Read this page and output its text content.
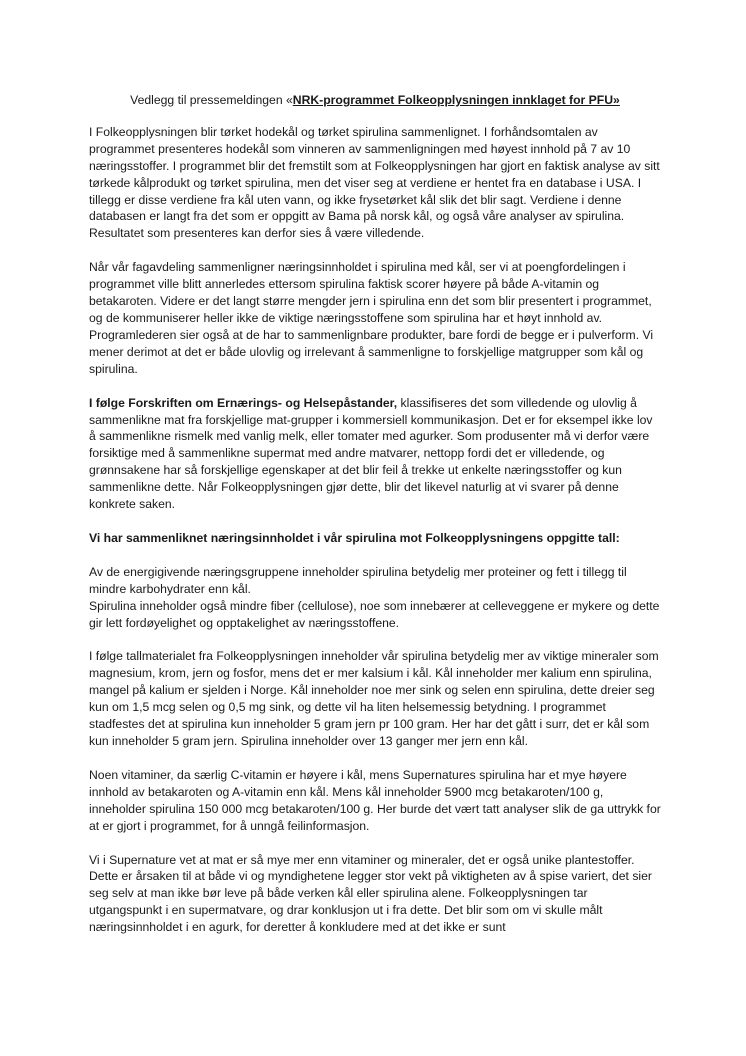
Vedlegg til pressemeldingen «NRK-programmet Folkeopplysningen innklaget for PFU»

I Folkeopplysningen blir tørket hodekål og tørket spirulina sammenlignet. I forhåndsomtalen av programmet presenteres hodekål som vinneren av sammenligningen med høyest innhold på 7 av 10 næringsstoffer. I programmet blir det fremstilt som at Folkeopplysningen har gjort en faktisk analyse av sitt tørkede kålprodukt og tørket spirulina, men det viser seg at verdiene er hentet fra en database i USA. I tillegg er disse verdiene fra kål uten vann, og ikke frysetørket kål slik det blir sagt. Verdiene i denne databasen er langt fra det som er oppgitt av Bama på norsk kål, og også våre analyser av spirulina. Resultatet som presenteres kan derfor sies å være villedende.

Når vår fagavdeling sammenligner næringsinnholdet i spirulina med kål, ser vi at poengfordelingen i programmet ville blitt annerledes ettersom spirulina faktisk scorer høyere på både A-vitamin og betakaroten. Videre er det langt større mengder jern i spirulina enn det som blir presentert i programmet, og de kommuniserer heller ikke de viktige næringsstoffene som spirulina har et høyt innhold av. Programlederen sier også at de har to sammenlignbare produkter, bare fordi de begge er i pulverform. Vi mener derimot at det er både ulovlig og irrelevant å sammenligne to forskjellige matgrupper som kål og spirulina.

I følge Forskriften om Ernærings- og Helsepåstander, klassifiseres det som villedende og ulovlig å sammenlikne mat fra forskjellige mat-grupper i kommersiell kommunikasjon. Det er for eksempel ikke lov å sammenlikne rismelk med vanlig melk, eller tomater med agurker. Som produsenter må vi derfor være forsiktige med å sammenlikne supermat med andre matvarer, nettopp fordi det er villedende, og grønnsakene har så forskjellige egenskaper at det blir feil å trekke ut enkelte næringsstoffer og kun sammenlikne dette. Når Folkeopplysningen gjør dette, blir det likevel naturlig at vi svarer på denne konkrete saken.

Vi har sammenliknet næringsinnholdet i vår spirulina mot Folkeopplysningens oppgitte tall:

Av de energigivende næringsgruppene inneholder spirulina betydelig mer proteiner og fett i tillegg til mindre karbohydrater enn kål.

Spirulina inneholder også mindre fiber (cellulose), noe som innebærer at celleveggene er mykere og dette gir lett fordøyelighet og opptakelighet av næringsstoffene.

I følge tallmaterialet fra Folkeopplysningen inneholder vår spirulina betydelig mer av viktige mineraler som magnesium, krom, jern og fosfor, mens det er mer kalsium i kål. Kål inneholder mer kalium enn spirulina, mangel på kalium er sjelden i Norge. Kål inneholder noe mer sink og selen enn spirulina, dette dreier seg kun om 1,5 mcg selen og 0,5 mg sink, og dette vil ha liten helsemessig betydning. I programmet stadfestes det at spirulina kun inneholder 5 gram jern pr 100 gram. Her har det gått i surr, det er kål som kun inneholder 5 gram jern. Spirulina inneholder over 13 ganger mer jern enn kål.

Noen vitaminer, da særlig C-vitamin er høyere i kål, mens Supernatures spirulina har et mye høyere innhold av betakaroten og A-vitamin enn kål. Mens kål inneholder 5900 mcg betakaroten/100 g, inneholder spirulina 150 000 mcg betakaroten/100 g. Her burde det vært tatt analyser slik de ga uttrykk for at er gjort i programmet, for å unngå feilinformasjon.

Vi i Supernature vet at mat er så mye mer enn vitaminer og mineraler, det er også unike plantestoffer. Dette er årsaken til at både vi og myndighetene legger stor vekt på viktigheten av å spise variert, det sier seg selv at man ikke bør leve på både verken kål eller spirulina alene. Folkeopplysningen tar utgangspunkt i en supermatvare, og drar konklusjon ut i fra dette. Det blir som om vi skulle målt næringsinnholdet i en agurk, for deretter å konkludere med at det ikke er sunt
